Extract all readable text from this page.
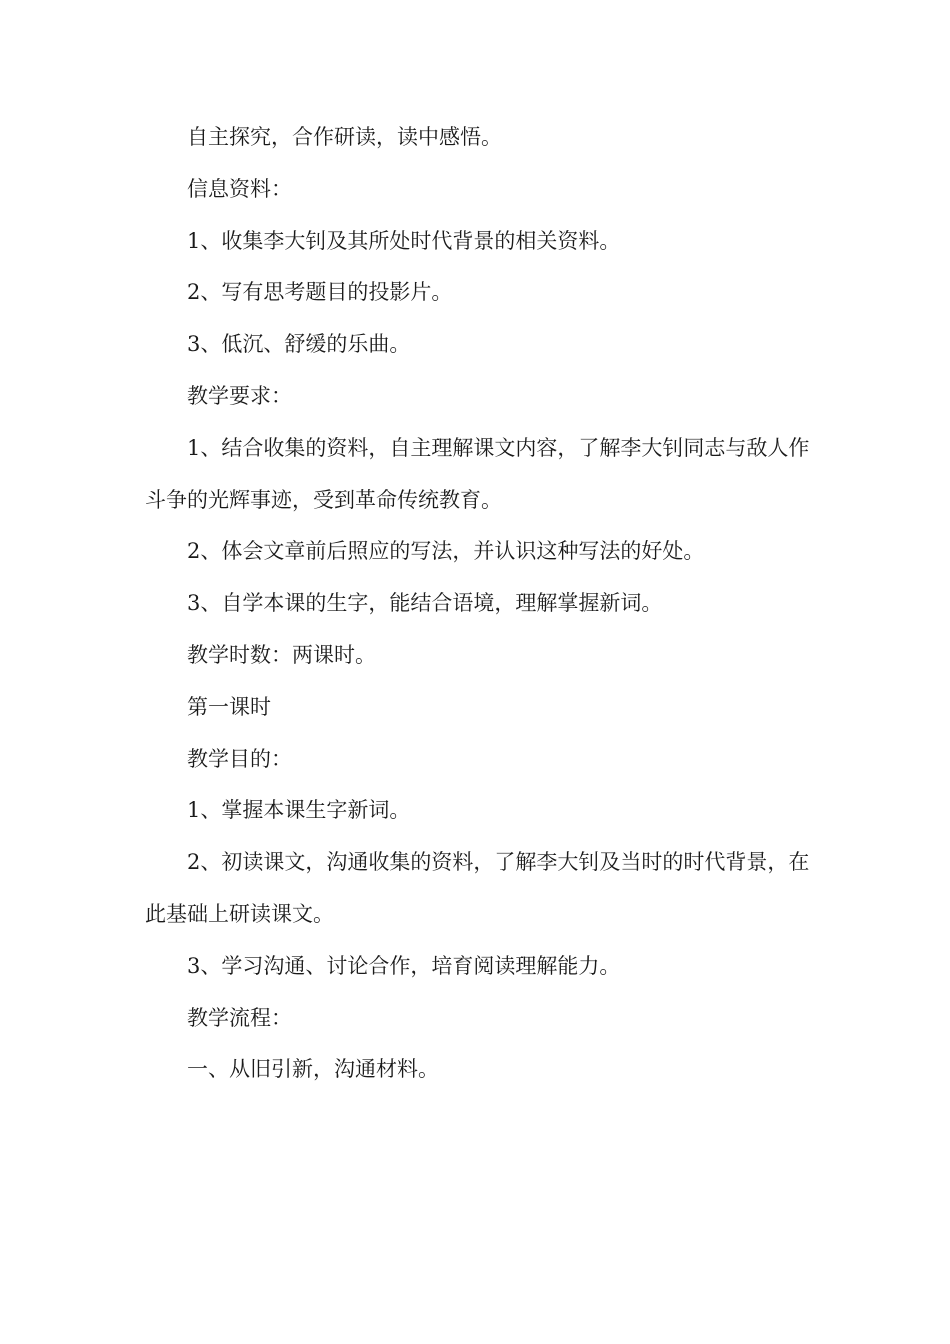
自主探究，合作研读，读中感悟。

信息资料：

1、收集李大钊及其所处时代背景的相关资料。

2、写有思考题目的投影片。

3、低沉、舒缓的乐曲。

教学要求：

1、结合收集的资料，自主理解课文内容，了解李大钊同志与敌人作斗争的光辉事迹，受到革命传统教育。

2、体会文章前后照应的写法，并认识这种写法的好处。

3、自学本课的生字，能结合语境，理解掌握新词。

教学时数：两课时。

第一课时

教学目的：

1、掌握本课生字新词。

2、初读课文，沟通收集的资料，了解李大钊及当时的时代背景，在此基础上研读课文。

3、学习沟通、讨论合作，培育阅读理解能力。

教学流程：

一、从旧引新，沟通材料。
